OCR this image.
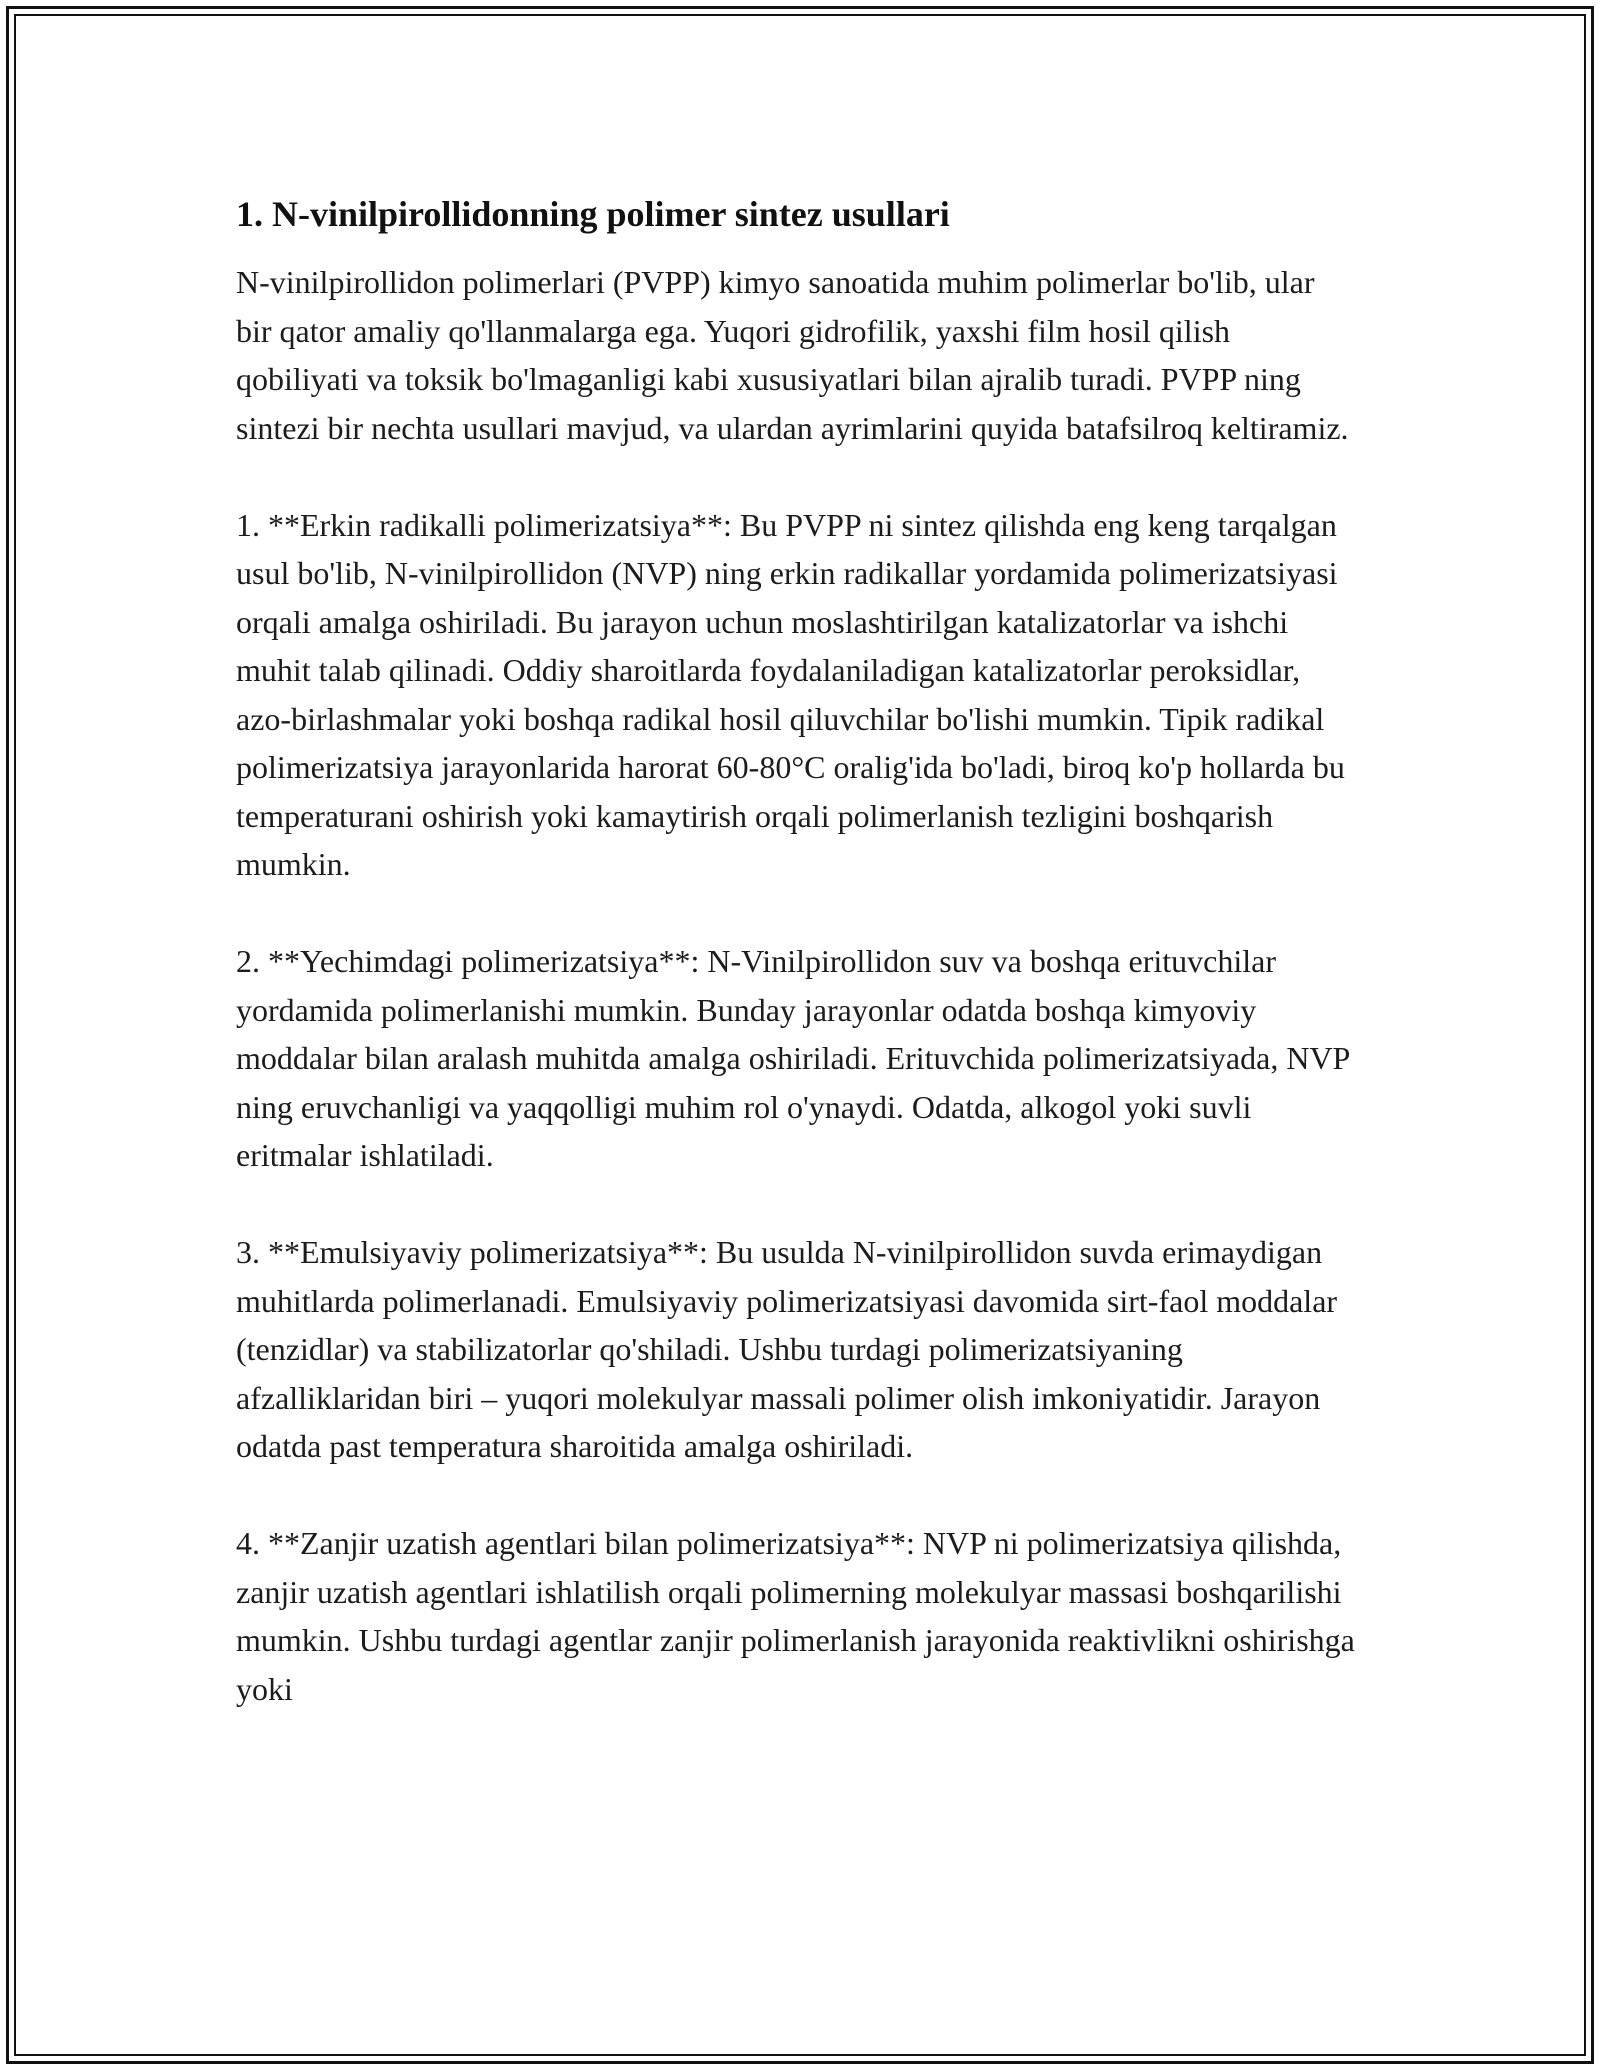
1. N-vinilpirollidonning polimer sintez usullari

N-vinilpirollidon polimerlari (PVPP) kimyo sanoatida muhim polimerlar bo'lib, ular bir qator amaliy qo'llanmalarga ega. Yuqori gidrofilik, yaxshi film hosil qilish qobiliyati va toksik bo'lmaganligi kabi xususiyatlari bilan ajralib turadi. PVPP ning sintezi bir nechta usullari mavjud, va ulardan ayrimlarini quyida batafsilroq keltiramiz.

1. **Erkin radikalli polimerizatsiya**: Bu PVPP ni sintez qilishda eng keng tarqalgan usul bo'lib, N-vinilpirollidon (NVP) ning erkin radikallar yordamida polimerizatsiyasi orqali amalga oshiriladi. Bu jarayon uchun moslashtirilgan katalizatorlar va ishchi muhit talab qilinadi. Oddiy sharoitlarda foydalaniladigan katalizatorlar peroksidlar, azo-birlashmalar yoki boshqa radikal hosil qiluvchilar bo'lishi mumkin. Tipik radikal polimerizatsiya jarayonlarida harorat 60-80°C oralig'ida bo'ladi, biroq ko'p hollarda bu temperaturani oshirish yoki kamaytirish orqali polimerlanish tezligini boshqarish mumkin.

2. **Yechimdagi polimerizatsiya**: N-Vinilpirollidon suv va boshqa erituvchilar yordamida polimerlanishi mumkin. Bunday jarayonlar odatda boshqa kimyoviy moddalar bilan aralash muhitda amalga oshiriladi. Erituvchida polimerizatsiyada, NVP ning eruvchanligi va yaqqolligi muhim rol o'ynaydi. Odatda, alkogol yoki suvli eritmalar ishlatiladi.

3. **Emulsiyaviy polimerizatsiya**: Bu usulda N-vinilpirollidon suvda erimaydigan muhitlarda polimerlanadi. Emulsiyaviy polimerizatsiyasi davomida sirt-faol moddalar (tenzidlar) va stabilizatorlar qo'shiladi. Ushbu turdagi polimerizatsiyaning afzalliklaridan biri – yuqori molekulyar massali polimer olish imkoniyatidir. Jarayon odatda past temperatura sharoitida amalga oshiriladi.

4. **Zanjir uzatish agentlari bilan polimerizatsiya**: NVP ni polimerizatsiya qilishda, zanjir uzatish agentlari ishlatilish orqali polimerning molekulyar massasi boshqarilishi mumkin. Ushbu turdagi agentlar zanjir polimerlanish jarayonida reaktivlikni oshirishga yoki
